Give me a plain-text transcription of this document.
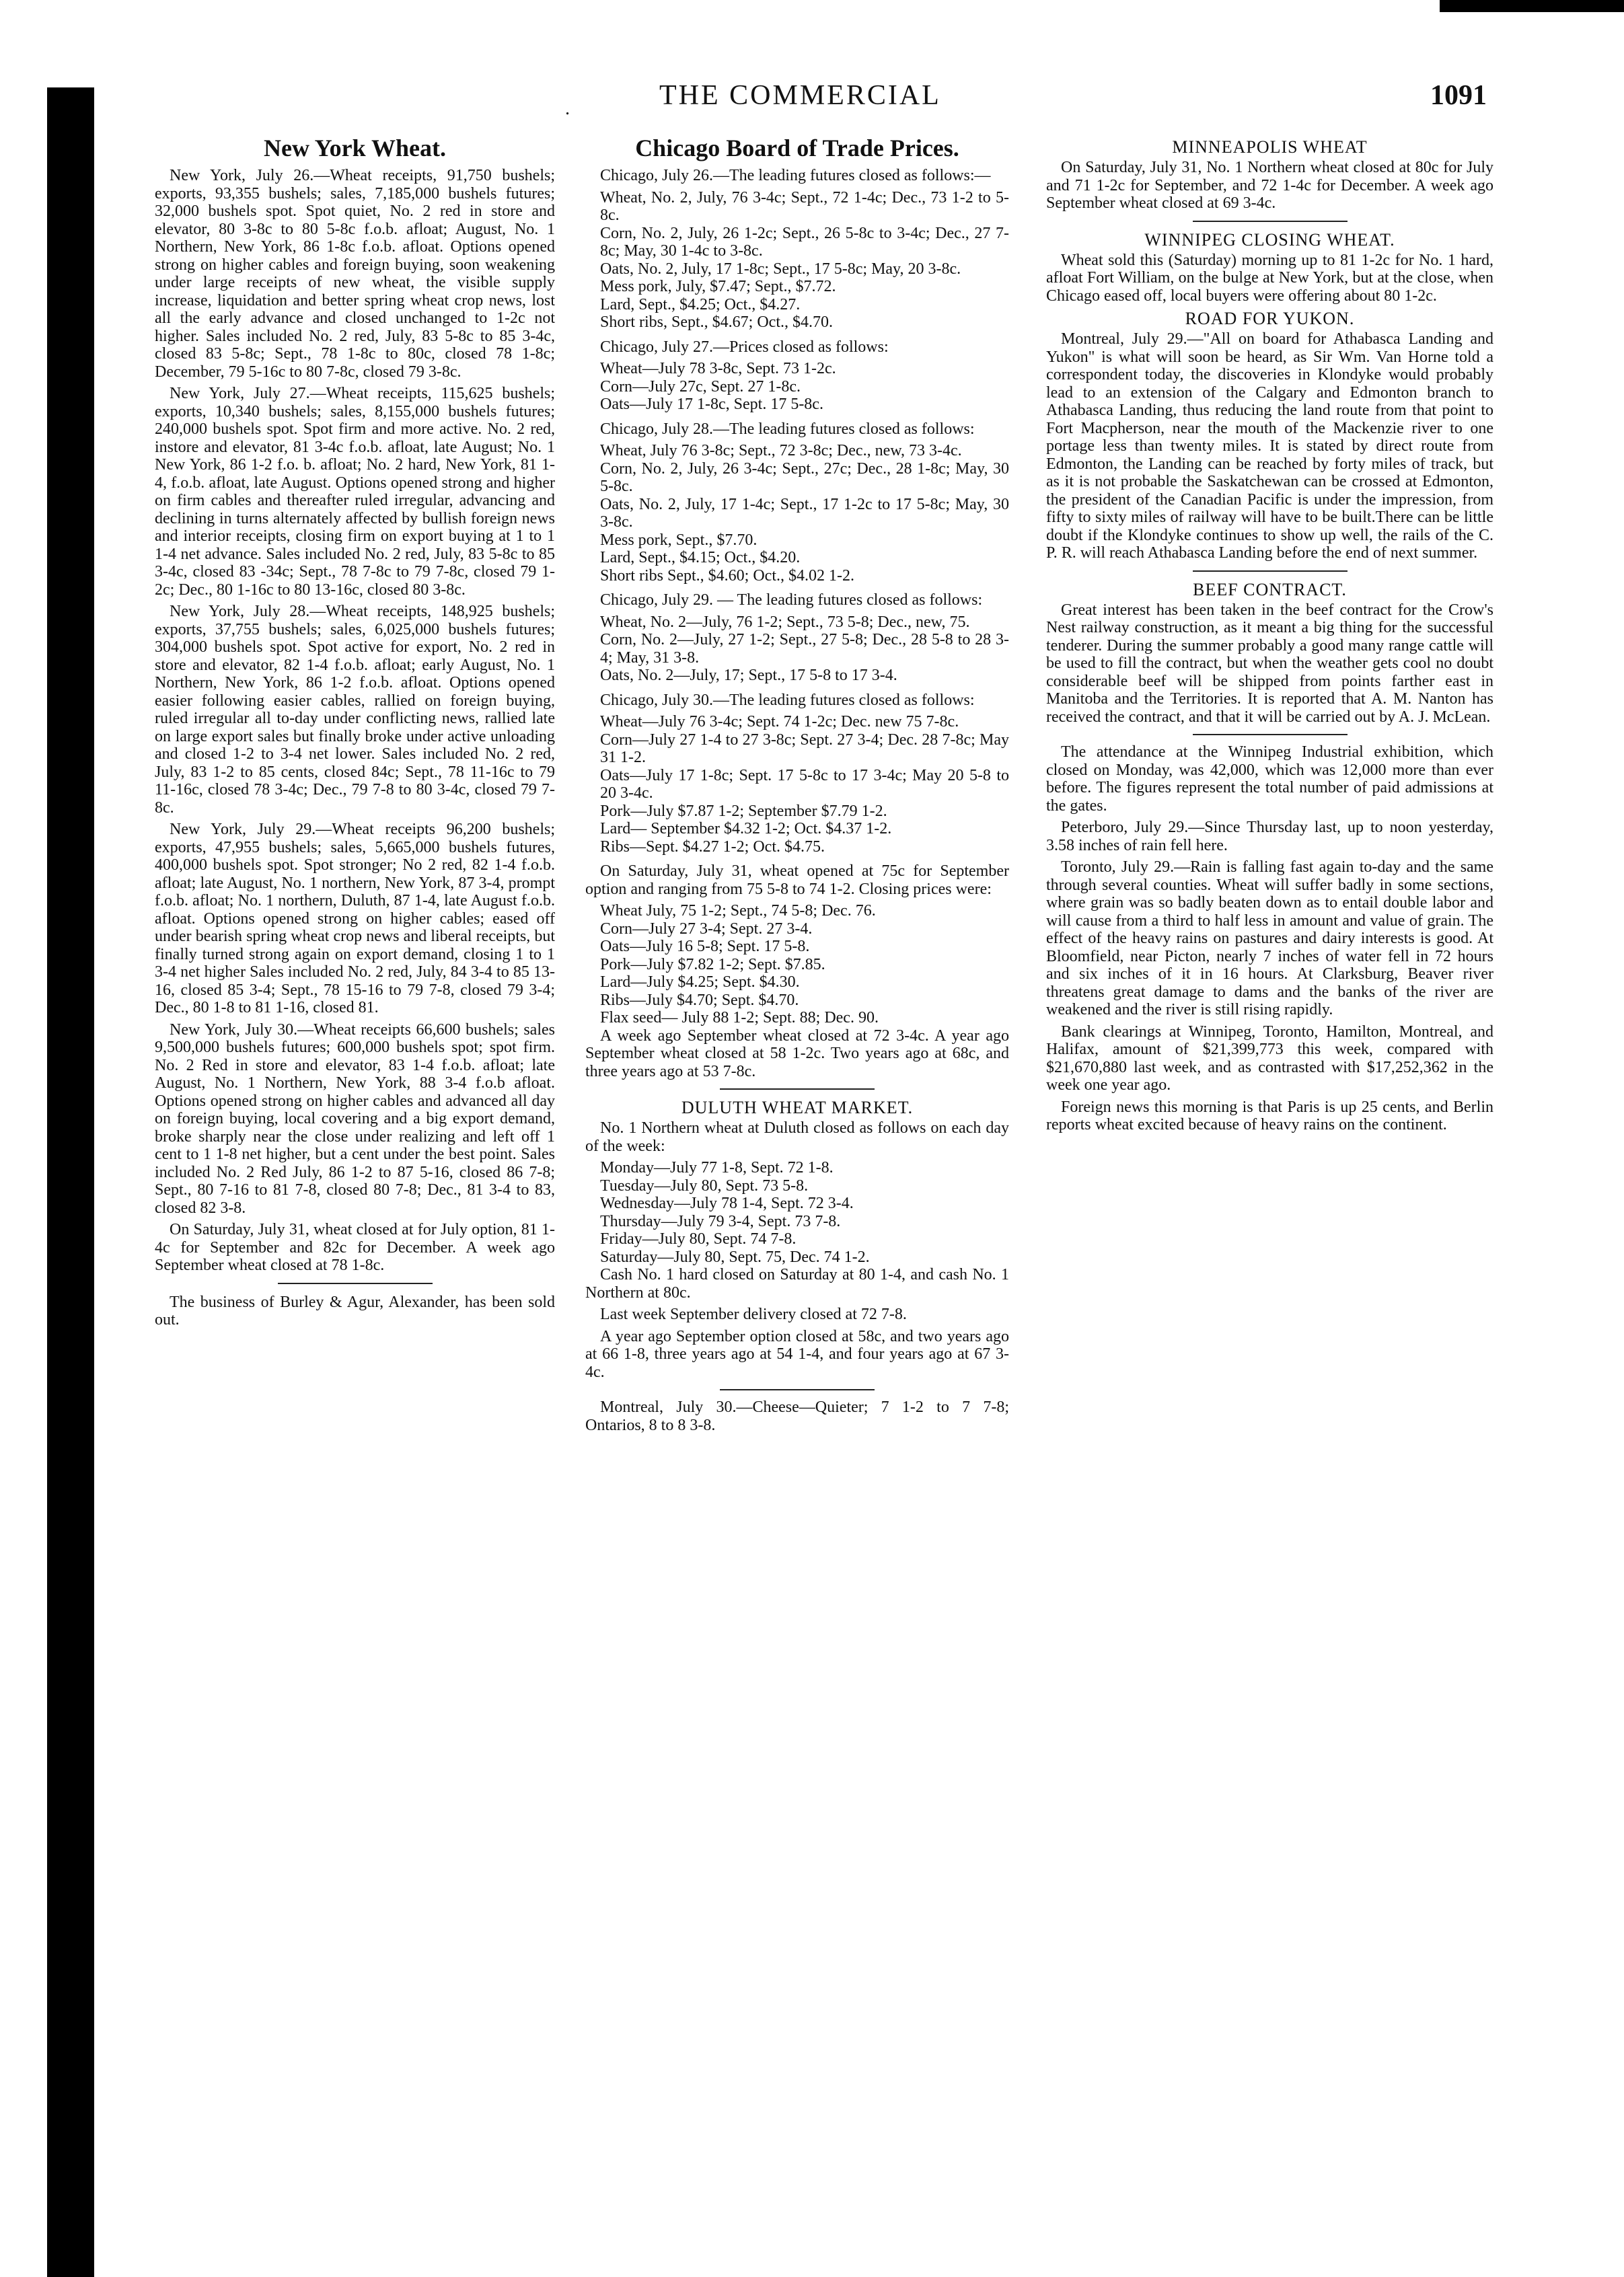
.	THE COMMERCIAL	1091
New York Wheat.

New York, July 26.—Wheat receipts, 91,750 bushels; exports, 93,355 bushels; sales, 7,185,000 bushels futures; 32,000 bushels spot. Spot quiet, No. 2 red in store and elevator, 80 3-8c to 80 5-8c f.o.b. afloat; August, No. 1 Northern, New York, 86 1-8c f.o.b. afloat. Options opened strong on higher cables and foreign buying, soon weakening under large receipts of new wheat, the visible supply increase, liquidation and better spring wheat crop news, lost all the early advance and closed unchanged to 1-2c not higher. Sales included No. 2 red, July, 83 5-8c to 85 3-4c, closed 83 5-8c; Sept., 78 1-8c to 80c, closed 78 1-8c; December, 79 5-16c to 80 7-8c, closed 79 3-8c.

New York, July 27.—Wheat receipts, 115,625 bushels; exports, 10,340 bushels; sales, 8,155,000 bushels futures; 240,000 bushels spot. Spot firm and more active. No. 2 red, instore and elevator, 81 3-4c f.o.b. afloat, late August; No. 1 New York, 86 1-2 f.o. b. afloat; No. 2 hard, New York, 81 1-4, f.o.b. afloat, late August. Options opened strong and higher on firm cables and thereafter ruled irregular, advancing and declining in turns alternately affected by bullish foreign news and interior receipts, closing firm on export buying at 1 to 1 1-4 net advance. Sales included No. 2 red, July, 83 5-8c to 85 3-4c, closed 83 -34c; Sept., 78 7-8c to 79 7-8c, closed 79 1-2c; Dec., 80 1-16c to 80 13-16c, closed 80 3-8c.

New York, July 28.—Wheat receipts, 148,925 bushels; exports, 37,755 bushels; sales, 6,025,000 bushels futures; 304,000 bushels spot. Spot active for export, No. 2 red in store and elevator, 82 1-4 f.o.b. afloat; early August, No. 1 Northern, New York, 86 1-2 f.o.b. afloat. Options opened easier following easier cables, rallied on foreign buying, ruled irregular all to-day under conflicting news, rallied late on large export sales but finally broke under active unloading and closed 1-2 to 3-4 net lower. Sales included No. 2 red, July, 83 1-2 to 85 cents, closed 84c; Sept., 78 11-16c to 79 11-16c, closed 78 3-4c; Dec., 79 7-8 to 80 3-4c, closed 79 7-8c.

New York, July 29.—Wheat receipts 96,200 bushels; exports, 47,955 bushels; sales, 5,665,000 bushels futures, 400,000 bushels spot. Spot stronger; No 2 red, 82 1-4 f.o.b. afloat; late August, No. 1 northern, New York, 87 3-4, prompt f.o.b. afloat; No. 1 northern, Duluth, 87 1-4, late August f.o.b. afloat. Options opened strong on higher cables; eased off under bearish spring wheat crop news and liberal receipts, but finally turned strong again on export demand, closing 1 to 1 3-4 net higher Sales included No. 2 red, July, 84 3-4 to 85 13-16, closed 85 3-4; Sept., 78 15-16 to 79 7-8, closed 79 3-4; Dec., 80 1-8 to 81 1-16, closed 81.

New York, July 30.—Wheat receipts 66,600 bushels; sales 9,500,000 bushels futures; 600,000 bushels spot; spot firm. No. 2 Red in store and elevator, 83 1-4 f.o.b. afloat; late August, No. 1 Northern, New York, 88 3-4 f.o.b afloat. Options opened strong on higher cables and advanced all day on foreign buying, local covering and a big export demand, broke sharply near the close under realizing and left off 1 cent to 1 1-8 net higher, but a cent under the best point. Sales included No. 2 Red July, 86 1-2 to 87 5-16, closed 86 7-8; Sept., 80 7-16 to 81 7-8, closed 80 7-8; Dec., 81 3-4 to 83, closed 82 3-8.

On Saturday, July 31, wheat closed at for July option, 81 1-4c for September and 82c for December. A week ago September wheat closed at 78 1-8c.

The business of Burley & Agur, Alexander, has been sold out.

Chicago Board of Trade Prices.

Chicago, July 26.—The leading futures closed as follows:—

Wheat, No. 2, July, 76 3-4c; Sept., 72 1-4c; Dec., 73 1-2 to 5-8c.

Corn, No. 2, July, 26 1-2c; Sept., 26 5-8c to 3-4c; Dec., 27 7-8c; May, 30 1-4c to 3-8c.

Oats, No. 2, July, 17 1-8c; Sept., 17 5-8c; May, 20 3-8c.

Mess pork, July, $7.47; Sept., $7.72.

Lard, Sept., $4.25; Oct., $4.27.

Short ribs, Sept., $4.67; Oct., $4.70.

Chicago, July 27.—Prices closed as follows:

Wheat—July 78 3-8c, Sept. 73 1-2c.

Corn—July 27c, Sept. 27 1-8c.

Oats—July 17 1-8c, Sept. 17 5-8c.

Chicago, July 28.—The leading futures closed as follows:

Wheat, July 76 3-8c; Sept., 72 3-8c; Dec., new, 73 3-4c.

Corn, No. 2, July, 26 3-4c; Sept., 27c; Dec., 28 1-8c; May, 30 5-8c.

Oats, No. 2, July, 17 1-4c; Sept., 17 1-2c to 17 5-8c; May, 30 3-8c.

Mess pork, Sept., $7.70.

Lard, Sept., $4.15; Oct., $4.20.

Short ribs Sept., $4.60; Oct., $4.02 1-2.

Chicago, July 29. — The leading futures closed as follows:

Wheat, No. 2—July, 76 1-2; Sept., 73 5-8; Dec., new, 75.

Corn, No. 2—July, 27 1-2; Sept., 27 5-8; Dec., 28 5-8 to 28 3-4; May, 31 3-8.

Oats, No. 2—July, 17; Sept., 17 5-8 to 17 3-4.

Chicago, July 30.—The leading futures closed as follows:

Wheat—July 76 3-4c; Sept. 74 1-2c; Dec. new 75 7-8c.

Corn—July 27 1-4 to 27 3-8c; Sept. 27 3-4; Dec. 28 7-8c; May 31 1-2.

Oats—July 17 1-8c; Sept. 17 5-8c to 17 3-4c; May 20 5-8 to 20 3-4c.

Pork—July $7.87 1-2; September $7.79 1-2.

Lard— September $4.32 1-2; Oct. $4.37 1-2.

Ribs—Sept. $4.27 1-2; Oct. $4.75.

On Saturday, July 31, wheat opened at 75c for September option and ranging from 75 5-8 to 74 1-2. Closing prices were:

Wheat July, 75 1-2; Sept., 74 5-8; Dec. 76.

Corn—July 27 3-4; Sept. 27 3-4.

Oats—July 16 5-8; Sept. 17 5-8.

Pork—July $7.82 1-2; Sept. $7.85.

Lard—July $4.25; Sept. $4.30.

Ribs—July $4.70; Sept. $4.70.

Flax seed— July 88 1-2; Sept. 88; Dec. 90.

A week ago September wheat closed at 72 3-4c. A year ago September wheat closed at 58 1-2c. Two years ago at 68c, and three years ago at 53 7-8c.

DULUTH WHEAT MARKET.

No. 1 Northern wheat at Duluth closed as follows on each day of the week:

Monday—July 77 1-8, Sept. 72 1-8.

Tuesday—July 80, Sept. 73 5-8.

Wednesday—July 78 1-4, Sept. 72 3-4.

Thursday—July 79 3-4, Sept. 73 7-8.

Friday—July 80, Sept. 74 7-8.

Saturday—July 80, Sept. 75, Dec. 74 1-2.

Cash No. 1 hard closed on Saturday at 80 1-4, and cash No. 1 Northern at 80c.

Last week September delivery closed at 72 7-8.

A year ago September option closed at 58c, and two years ago at 66 1-8, three years ago at 54 1-4, and four years ago at 67 3-4c.

Montreal, July 30.—Cheese—Quieter; 7 1-2 to 7 7-8; Ontarios, 8 to 8 3-8.

MINNEAPOLIS WHEAT

On Saturday, July 31, No. 1 Northern wheat closed at 80c for July and 71 1-2c for September, and 72 1-4c for December. A week ago September wheat closed at 69 3-4c.

WINNIPEG CLOSING WHEAT.

Wheat sold this (Saturday) morning up to 81 1-2c for No. 1 hard, afloat Fort William, on the bulge at New York, but at the close, when Chicago eased off, local buyers were offering about 80 1-2c.

ROAD FOR YUKON.

Montreal, July 29.—"All on board for Athabasca Landing and Yukon" is what will soon be heard, as Sir Wm. Van Horne told a correspondent today, the discoveries in Klondyke would probably lead to an extension of the Calgary and Edmonton branch to Athabasca Landing, thus reducing the land route from that point to Fort Macpherson, near the mouth of the Mackenzie river to one portage less than twenty miles. It is stated by direct route from Edmonton, the Landing can be reached by forty miles of track, but as it is not probable the Saskatchewan can be crossed at Edmonton, the president of the Canadian Pacific is under the impression, from fifty to sixty miles of railway will have to be built.There can be little doubt if the Klondyke continues to show up well, the rails of the C. P. R. will reach Athabasca Landing before the end of next summer.

BEEF CONTRACT.

Great interest has been taken in the beef contract for the Crow's Nest railway construction, as it meant a big thing for the successful tenderer. During the summer probably a good many range cattle will be used to fill the contract, but when the weather gets cool no doubt considerable beef will be shipped from points farther east in Manitoba and the Territories. It is reported that A. M. Nanton has received the contract, and that it will be carried out by A. J. McLean.

The attendance at the Winnipeg Industrial exhibition, which closed on Monday, was 42,000, which was 12,000 more than ever before. The figures represent the total number of paid admissions at the gates.

Peterboro, July 29.—Since Thursday last, up to noon yesterday, 3.58 inches of rain fell here.

Toronto, July 29.—Rain is falling fast again to-day and the same through several counties. Wheat will suffer badly in some sections, where grain was so badly beaten down as to entail double labor and will cause from a third to half less in amount and value of grain. The effect of the heavy rains on pastures and dairy interests is good. At Bloomfield, near Picton, nearly 7 inches of water fell in 72 hours and six inches of it in 16 hours. At Clarksburg, Beaver river threatens great damage to dams and the banks of the river are weakened and the river is still rising rapidly.

Bank clearings at Winnipeg, Toronto, Hamilton, Montreal, and Halifax, amount of $21,399,773 this week, compared with $21,670,880 last week, and as contrasted with $17,252,362 in the week one year ago.

Foreign news this morning is that Paris is up 25 cents, and Berlin reports wheat excited because of heavy rains on the continent.
